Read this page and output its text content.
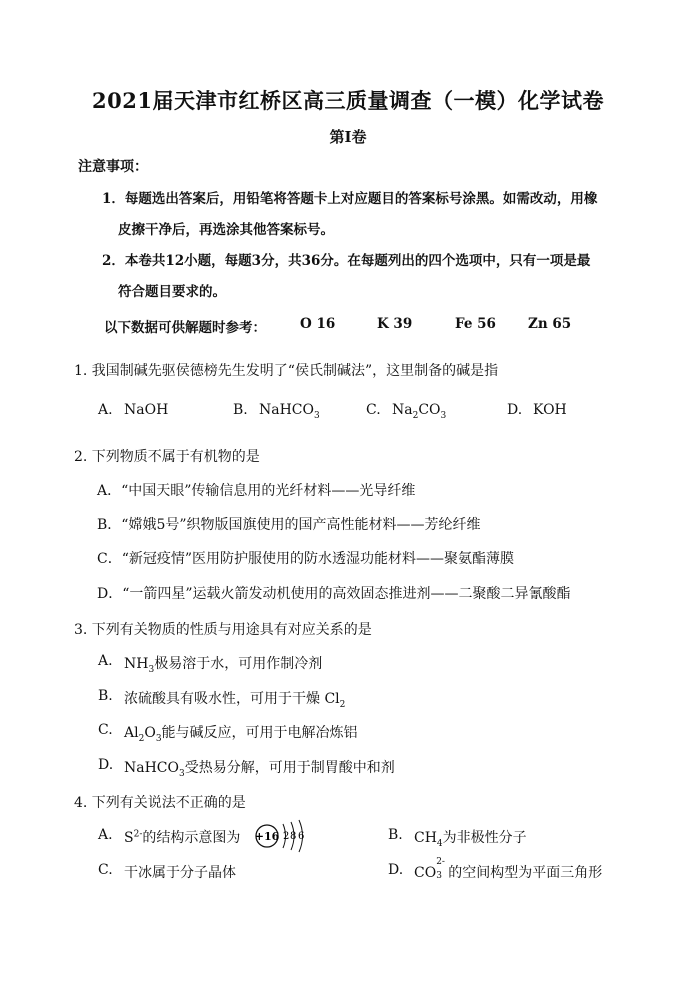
2021届天津市红桥区高三质量调查（一模）化学试卷
第Ⅰ卷
注意事项：
1．每题选出答案后，用铅笔将答题卡上对应题目的答案标号涂黑。如需改动，用橡
皮擦干净后，再选涂其他答案标号。
2．本卷共12小题，每题3分，共36分。在每题列出的四个选项中，只有一项是最
符合题目要求的。
以下数据可供解题时参考：	O 16	K 39	Fe 56 Zn 65
1. 我国制碱先驱侯德榜先生发明了“侯氏制碱法”，这里制备的碱是指
A. NaOH	B. NaHCO$_3$	C. $Na_2CO_3$	D. KOH
2. 下列物质不属于有机物的是
A．“中国天眼”传输信息用的光纤材料——光导纤维
B．“嫦娥5号”织物版国旗使用的国产高性能材料——芳纶纤维
C．“新冠疫情”医用防护服使用的防水透湿功能材料——聚氨酯薄膜
D．“一箭四星”运载火箭发动机使用的高效固态推进剂——二聚酸二异氰酸酯
3. 下列有关物质的性质与用途具有对应关系的是
A. $NH_3$极易溶于水，可用作制冷剂
B. 浓硫酸具有吸水性，可用于干燥 $Cl_2$
C. $Al_2O_3$能与碱反应，可用于电解冶炼铝
D. NaHCO$_3$受热易分解，可用于制胃酸中和剂
4. 下列有关说法不正确的是
A. $S^{2-}$的结构示意图为 +16 2 8 6	B. $CH_4$为非极性分子
C. 干冰属于分子晶体	D. CO
2-
3 的空间构型为平面三角形
